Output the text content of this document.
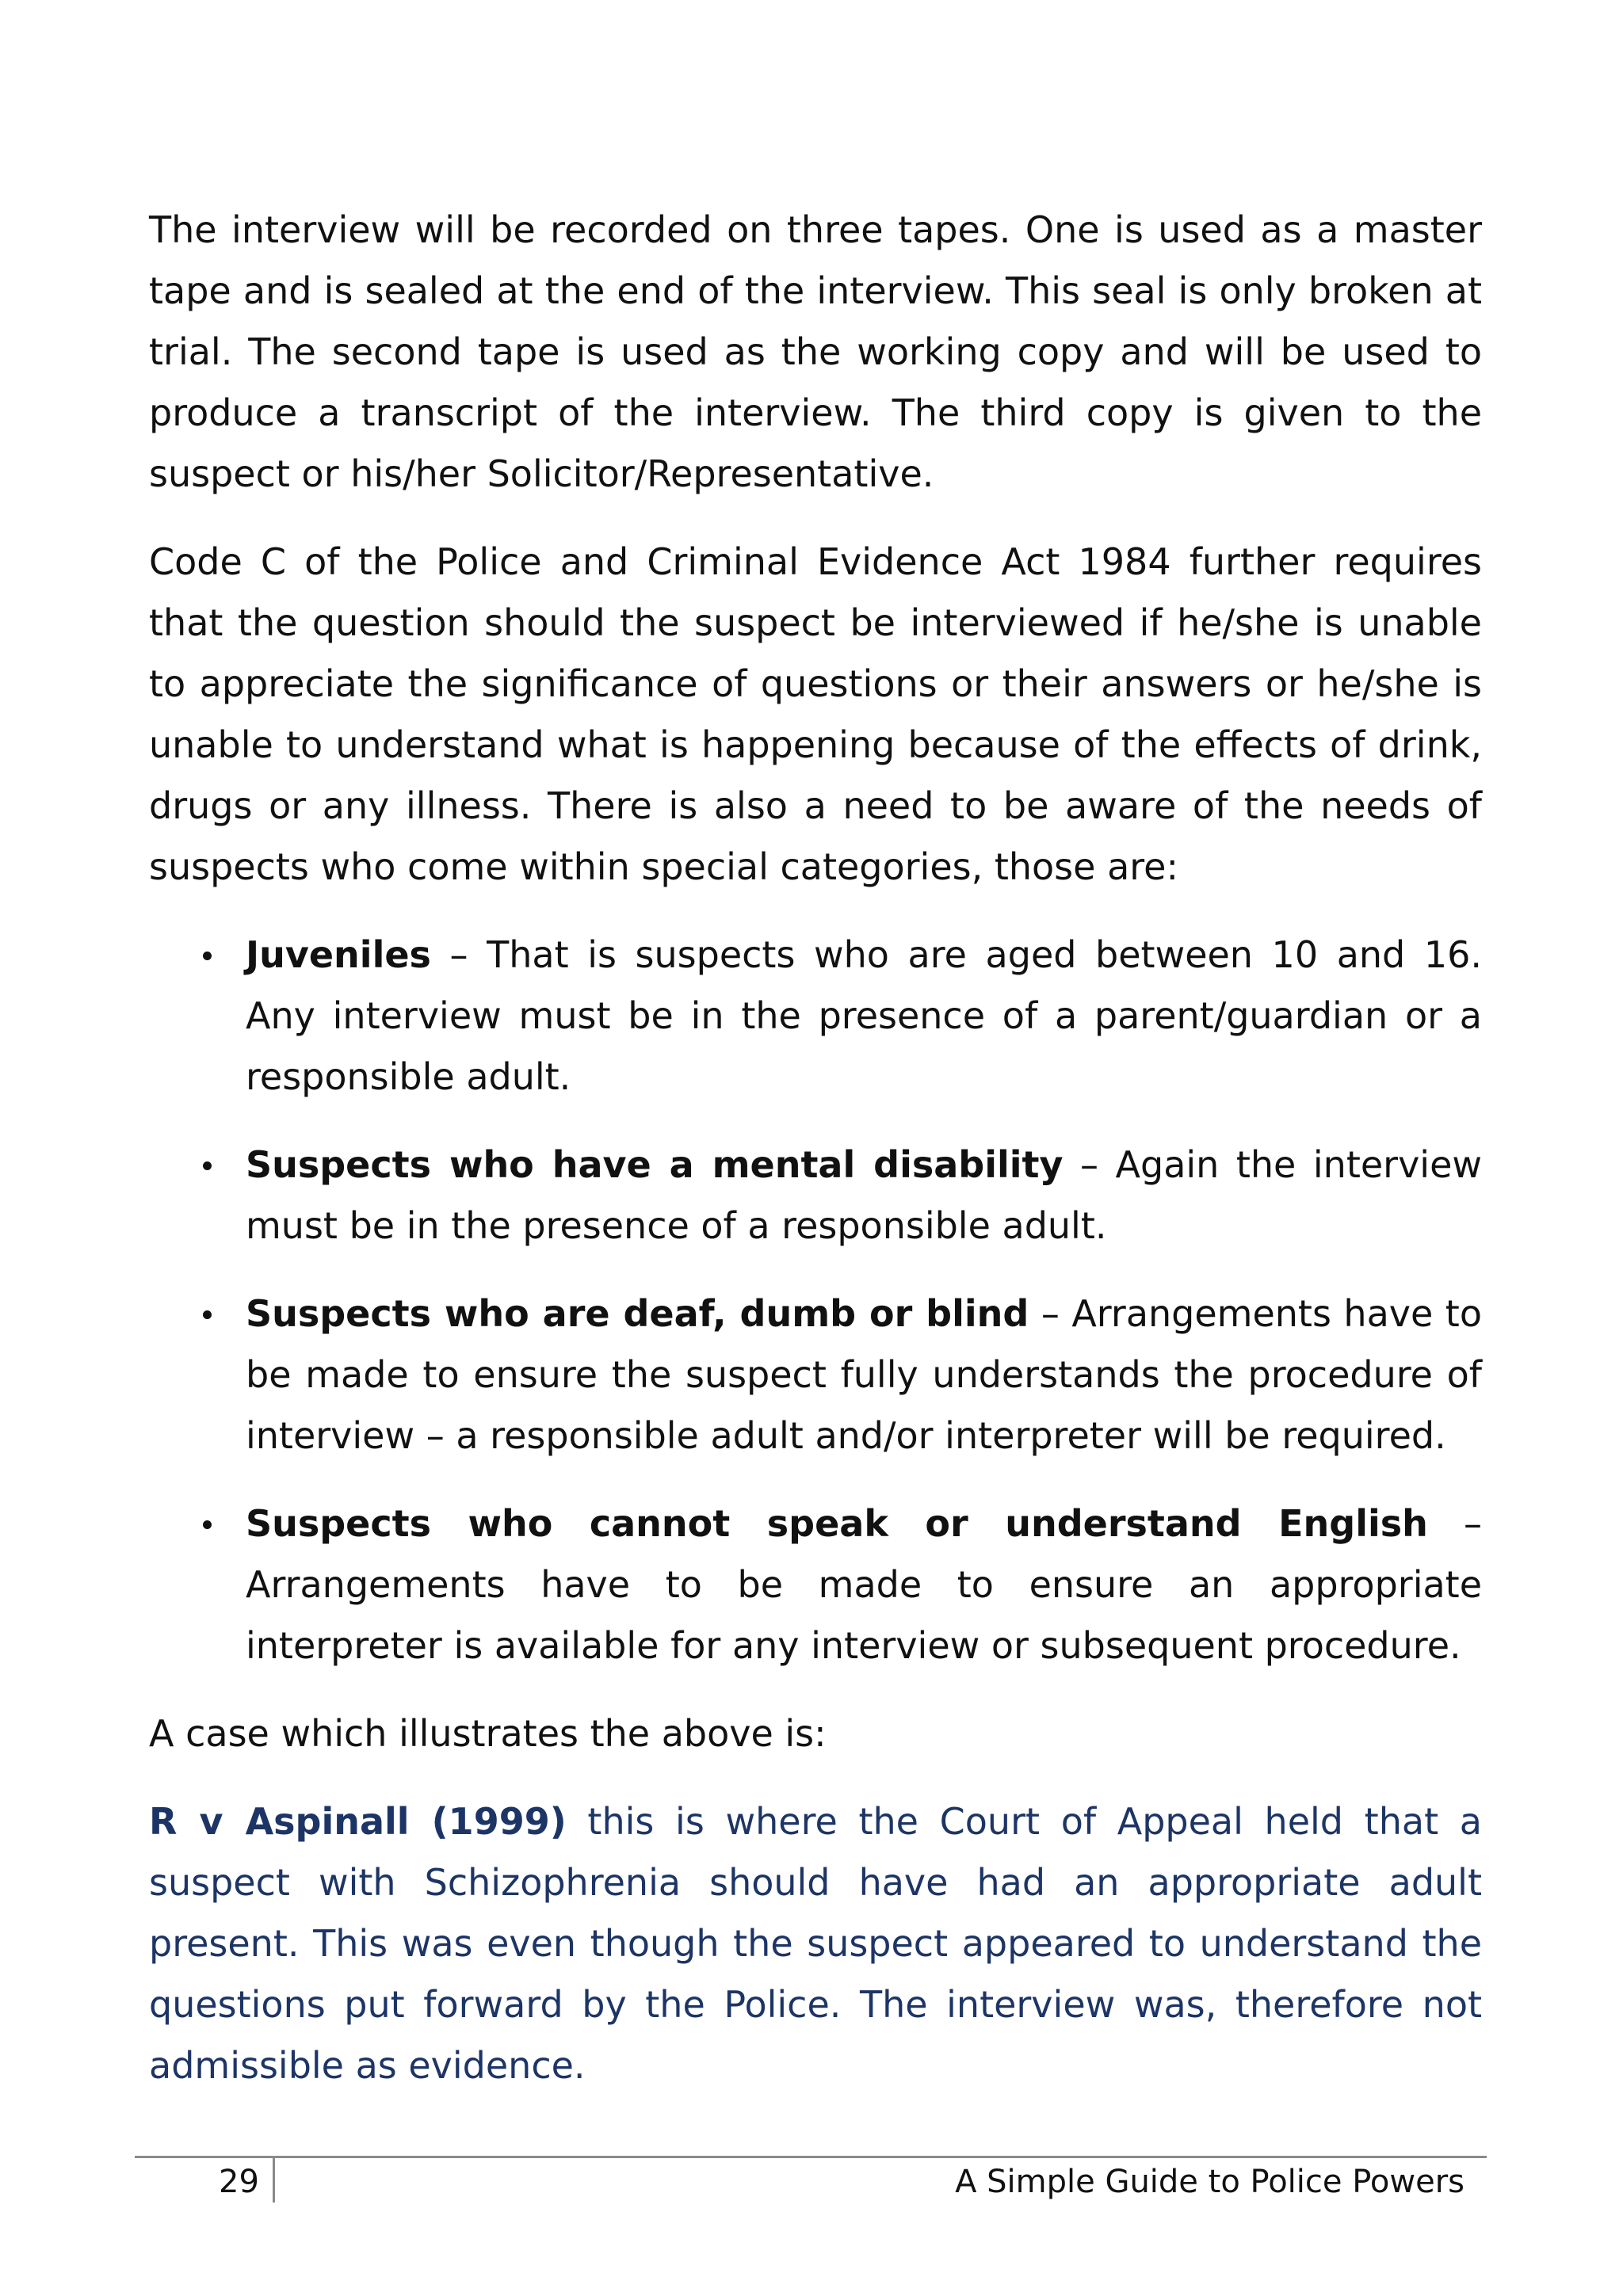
The interview will be recorded on three tapes. One is used as a master tape and is sealed at the end of the interview. This seal is only broken at trial. The second tape is used as the working copy and will be used to produce a transcript of the interview. The third copy is given to the suspect or his/her Solicitor/Representative.

Code C of the Police and Criminal Evidence Act 1984 further requires that the question should the suspect be interviewed if he/she is unable to appreciate the significance of questions or their answers or he/she is unable to understand what is happening because of the effects of drink, drugs or any illness. There is also a need to be aware of the needs of suspects who come within special categories, those are:

Juveniles – That is suspects who are aged between 10 and 16. Any interview must be in the presence of a parent/guardian or a responsible adult.
Suspects who have a mental disability – Again the interview must be in the presence of a responsible adult.
Suspects who are deaf, dumb or blind – Arrangements have to be made to ensure the suspect fully understands the procedure of interview – a responsible adult and/or interpreter will be required.
Suspects who cannot speak or understand English – Arrangements have to be made to ensure an appropriate interpreter is available for any interview or subsequent procedure.

A case which illustrates the above is:

R v Aspinall (1999) this is where the Court of Appeal held that a suspect with Schizophrenia should have had an appropriate adult present. This was even though the suspect appeared to understand the questions put forward by the Police. The interview was, therefore not admissible as evidence.

29	A Simple Guide to Police Powers
